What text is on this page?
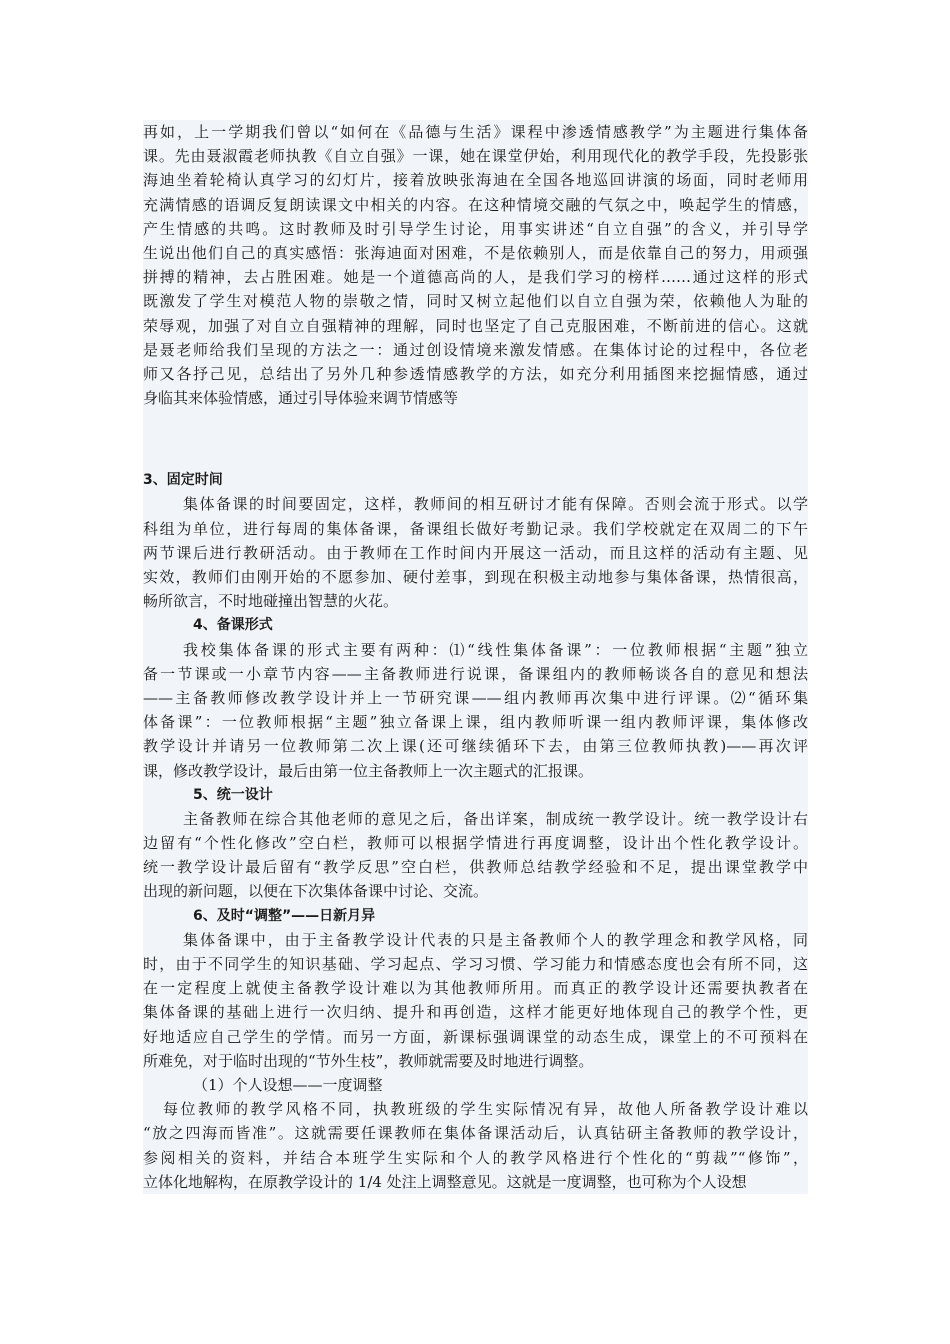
再如，上一学期我们曾以“如何在《品德与生活》课程中渗透情感教学”为主题进行集体备
课。先由聂淑霞老师执教《自立自强》一课，她在课堂伊始，利用现代化的教学手段，先投影张
海迪坐着轮椅认真学习的幻灯片，接着放映张海迪在全国各地巡回讲演的场面，同时老师用
充满情感的语调反复朗读课文中相关的内容。在这种情境交融的气氛之中，唤起学生的情感，
产生情感的共鸣。这时教师及时引导学生讨论，用事实讲述“自立自强”的含义，并引导学
生说出他们自己的真实感悟：张海迪面对困难，不是依赖别人，而是依靠自己的努力，用顽强
拼搏的精神，去占胜困难。她是一个道德高尚的人，是我们学习的榜样……通过这样的形式
既激发了学生对模范人物的崇敬之情，同时又树立起他们以自立自强为荣，依赖他人为耻的
荣辱观，加强了对自立自强精神的理解，同时也坚定了自己克服困难，不断前进的信心。这就
是聂老师给我们呈现的方法之一：通过创设情境来激发情感。在集体讨论的过程中，各位老
师又各抒己见，总结出了另外几种参透情感教学的方法，如充分利用插图来挖掘情感，通过
身临其来体验情感，通过引导体验来调节情感等
3、固定时间
集体备课的时间要固定，这样，教师间的相互研讨才能有保障。否则会流于形式。以学
科组为单位，进行每周的集体备课，备课组长做好考勤记录。我们学校就定在双周二的下午
两节课后进行教研活动。由于教师在工作时间内开展这一活动，而且这样的活动有主题、见
实效，教师们由刚开始的不愿参加、硬付差事，到现在积极主动地参与集体备课，热情很高，
畅所欲言，不时地碰撞出智慧的火花。
4、备课形式
我校集体备课的形式主要有两种：⑴“线性集体备课”：一位教师根据“主题”独立
备一节课或一小章节内容——主备教师进行说课，备课组内的教师畅谈各自的意见和想法
——主备教师修改教学设计并上一节研究课——组内教师再次集中进行评课。⑵“循环集
体备课”：一位教师根据“主题”独立备课上课，组内教师听课一组内教师评课，集体修改
教学设计并请另一位教师第二次上课(还可继续循环下去，由第三位教师执教)——再次评
课，修改教学设计，最后由第一位主备教师上一次主题式的汇报课。
5、统一设计
主备教师在综合其他老师的意见之后，备出详案，制成统一教学设计。统一教学设计右
边留有“个性化修改”空白栏，教师可以根据学情进行再度调整，设计出个性化教学设计。
统一教学设计最后留有“教学反思”空白栏，供教师总结教学经验和不足，提出课堂教学中
出现的新问题，以便在下次集体备课中讨论、交流。
6、及时“调整”——日新月异
集体备课中，由于主备教学设计代表的只是主备教师个人的教学理念和教学风格，同
时，由于不同学生的知识基础、学习起点、学习习惯、学习能力和情感态度也会有所不同，这
在一定程度上就使主备教学设计难以为其他教师所用。而真正的教学设计还需要执教者在
集体备课的基础上进行一次归纳、提升和再创造，这样才能更好地体现自己的教学个性，更
好地适应自己学生的学情。而另一方面，新课标强调课堂的动态生成，课堂上的不可预料在
所难免，对于临时出现的“节外生枝”，教师就需要及时地进行调整。
（1）个人设想——一度调整
每位教师的教学风格不同，执教班级的学生实际情况有异，故他人所备教学设计难以
“放之四海而皆准”。这就需要任课教师在集体备课活动后，认真钻研主备教师的教学设计，
参阅相关的资料，并结合本班学生实际和个人的教学风格进行个性化的“剪裁”“修饰”，
立体化地解构，在原教学设计的 1/4 处注上调整意见。这就是一度调整，也可称为个人设想
